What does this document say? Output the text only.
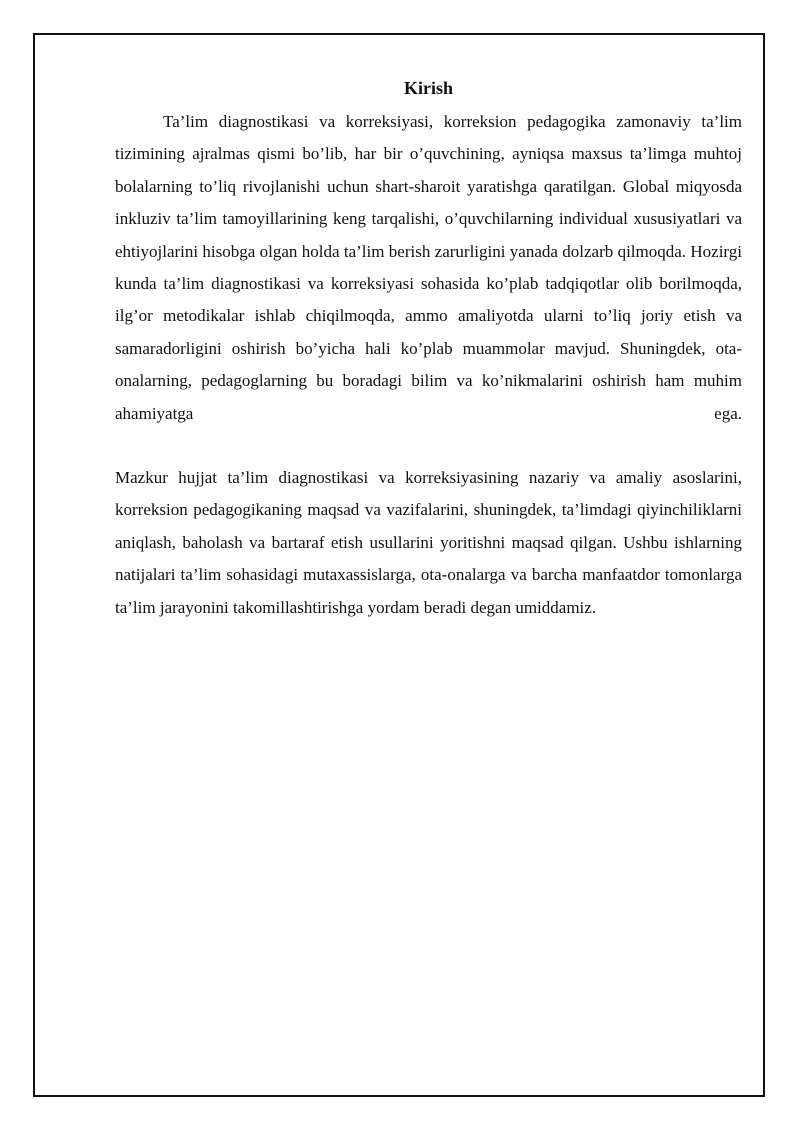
Kirish

Ta’lim diagnostikasi va korreksiyasi, korreksion pedagogika zamonaviy ta’lim tizimining ajralmas qismi bo’lib, har bir o’quvchining, ayniqsa maxsus ta’limga muhtoj bolalarning to’liq rivojlanishi uchun shart-sharoit yaratishga qaratilgan. Global miqyosda inkluziv ta’lim tamoyillarining keng tarqalishi, o’quvchilarning individual xususiyatlari va ehtiyojlarini hisobga olgan holda ta’lim berish zarurligini yanada dolzarb qilmoqda. Hozirgi kunda ta’lim diagnostikasi va korreksiyasi sohasida ko’plab tadqiqotlar olib borilmoqda, ilg’or metodikalar ishlab chiqilmoqda, ammo amaliyotda ularni to’liq joriy etish va samaradorligini oshirish bo’yicha hali ko’plab muammolar mavjud. Shuningdek, ota-onalarning, pedagoglarning bu boradagi bilim va ko’nikmalarini oshirish ham muhim ahamiyatga ega.

Mazkur hujjat ta’lim diagnostikasi va korreksiyasining nazariy va amaliy asoslarini, korreksion pedagogikaning maqsad va vazifalarini, shuningdek, ta’limdagi qiyinchiliklarni aniqlash, baholash va bartaraf etish usullarini yoritishni maqsad qilgan. Ushbu ishlarning natijalari ta’lim sohasidagi mutaxassislarga, ota-onalarga va barcha manfaatdor tomonlarga ta’lim jarayonini takomillashtirishga yordam beradi degan umiddamiz.
